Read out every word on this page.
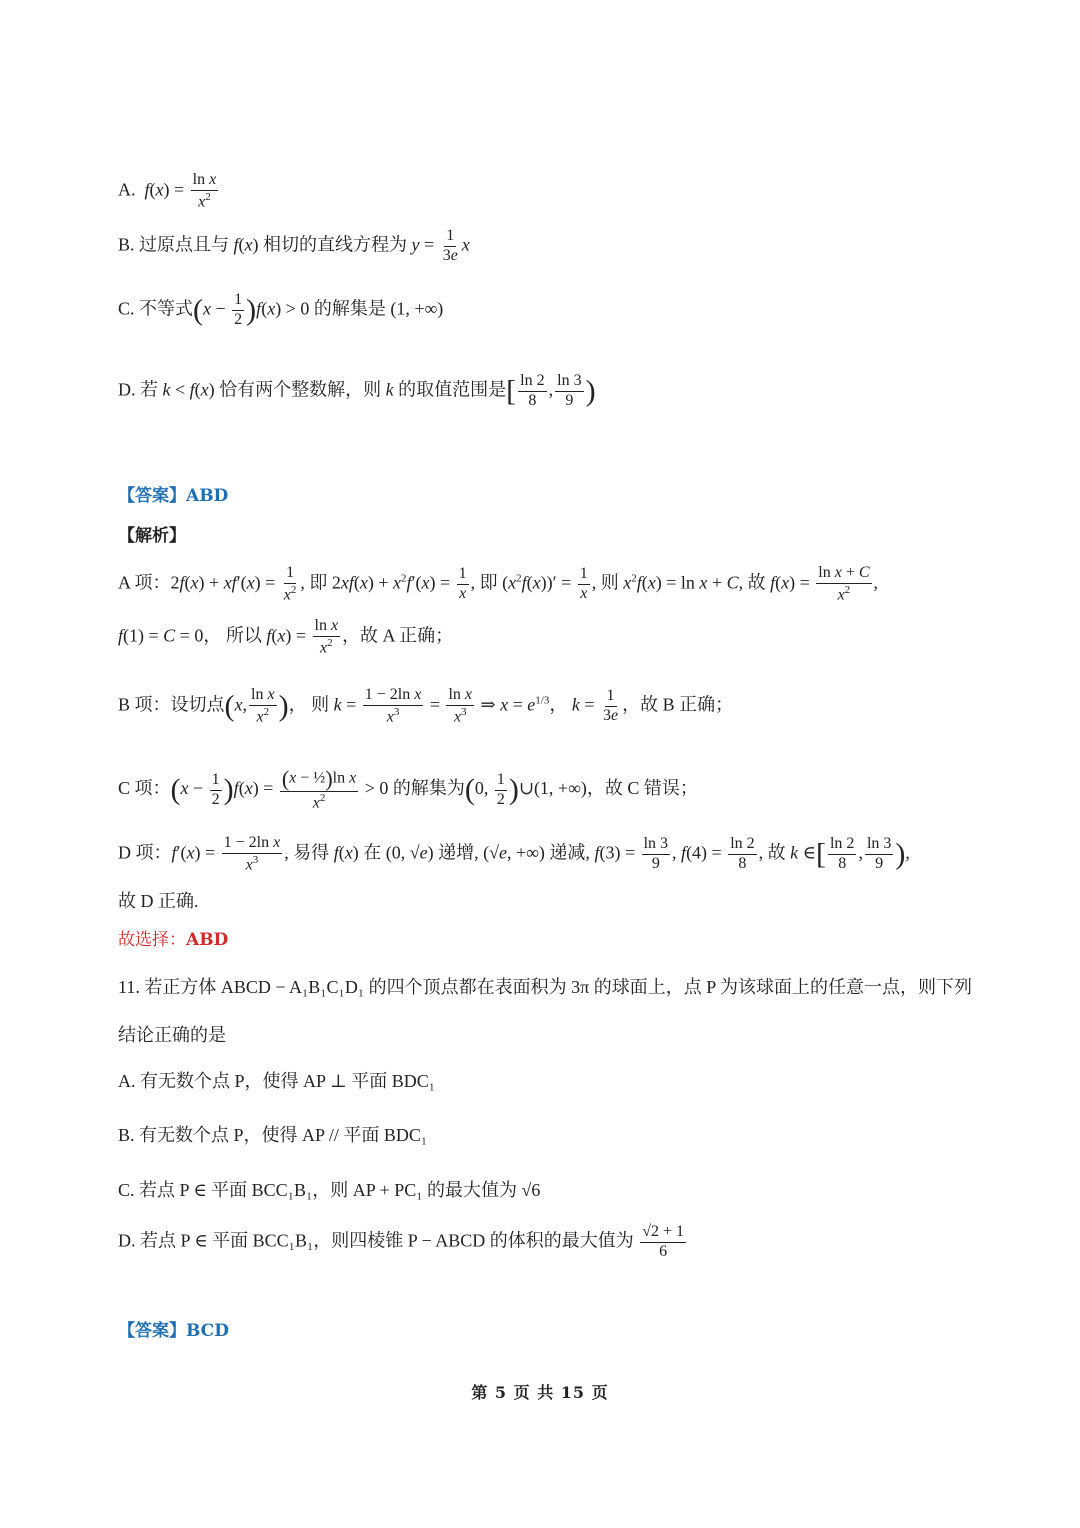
A.  $f(x) = \frac{\text{ln x}}{x^2}$
B. 过原点且与 f(x) 相切的直线方程为 $y = \frac{1}{3e}$ x
C. 不等式$(x - \frac{1}{2} )f(x) > 0$ 的解集是 (1, +∞)
D. 若 k < f(x) 恰有两个整数解，则 k 的取值范围是[ $\frac{\ln 2}{8}$ , $\frac{\ln 3}{9}$ )
【答案】ABD
【解析】
A 项：$2f(x) + xf'(x) = \frac{1}{x^2}$ , 即 $2xf(x) + x^2f'(x) = \frac{1}{x}$ , 即 $(x^2f(x))' = \frac{1}{x}$ , 则 $x^2f(x) = \ln x + C$, 故 $f(x) = \frac{\text{ln x + C}}{x^2}$ ,
f(1) = C = 0， 所以 $f(x) = \frac{\text{ln x}}{x^2}$ ，故 A 正确；
B 项：设切点(x, $\frac{\text{ln x}}{x^2}$ )， 则 $k = \frac{\text{1 − 2ln x}}{x^3} = \frac{\text{ln x}}{x^3}$ ⇒ $x = e^{1/3}$， $k = \frac{1}{3e}$ ，故 B 正确；
C 项：$(x - \frac{1}{2} )f(x) = \frac{\text{(x − ½)ln x}}{x^2} > 0$ 的解集为(0, $\frac{1}{2}$ )∪(1, +∞)，故 C 错误；
D 项：$f'(x) = \frac{\text{1 − 2ln x}}{x^3}$ , 易得 f(x) 在 (0, √e) 递增, (√e, +∞) 递减, $f(3) = \frac{\ln 3}{9}$ , $f(4) = \frac{\ln 2}{8}$ , 故 k ∈[ $\frac{\ln 2}{8}$ , $\frac{\ln 3}{9}$ ),
故 D 正确.
故选择：ABD
11. 若正方体 ABCD − A₁B₁C₁D₁ 的四个顶点都在表面积为 3π 的球面上，点 P 为该球面上的任意一点，则下列
结论正确的是
A. 有无数个点 P，使得 AP ⊥ 平面 BDC₁
B. 有无数个点 P，使得 AP // 平面 BDC₁
C. 若点 P ∈ 平面 BCC₁B₁，则 AP + PC₁ 的最大值为 √6
D. 若点 P ∈ 平面 BCC₁B₁，则四棱锥 P − ABCD 的体积的最大值为 $\frac{√2 + 1}{6}$
【答案】BCD
第 5 页 共 15 页
